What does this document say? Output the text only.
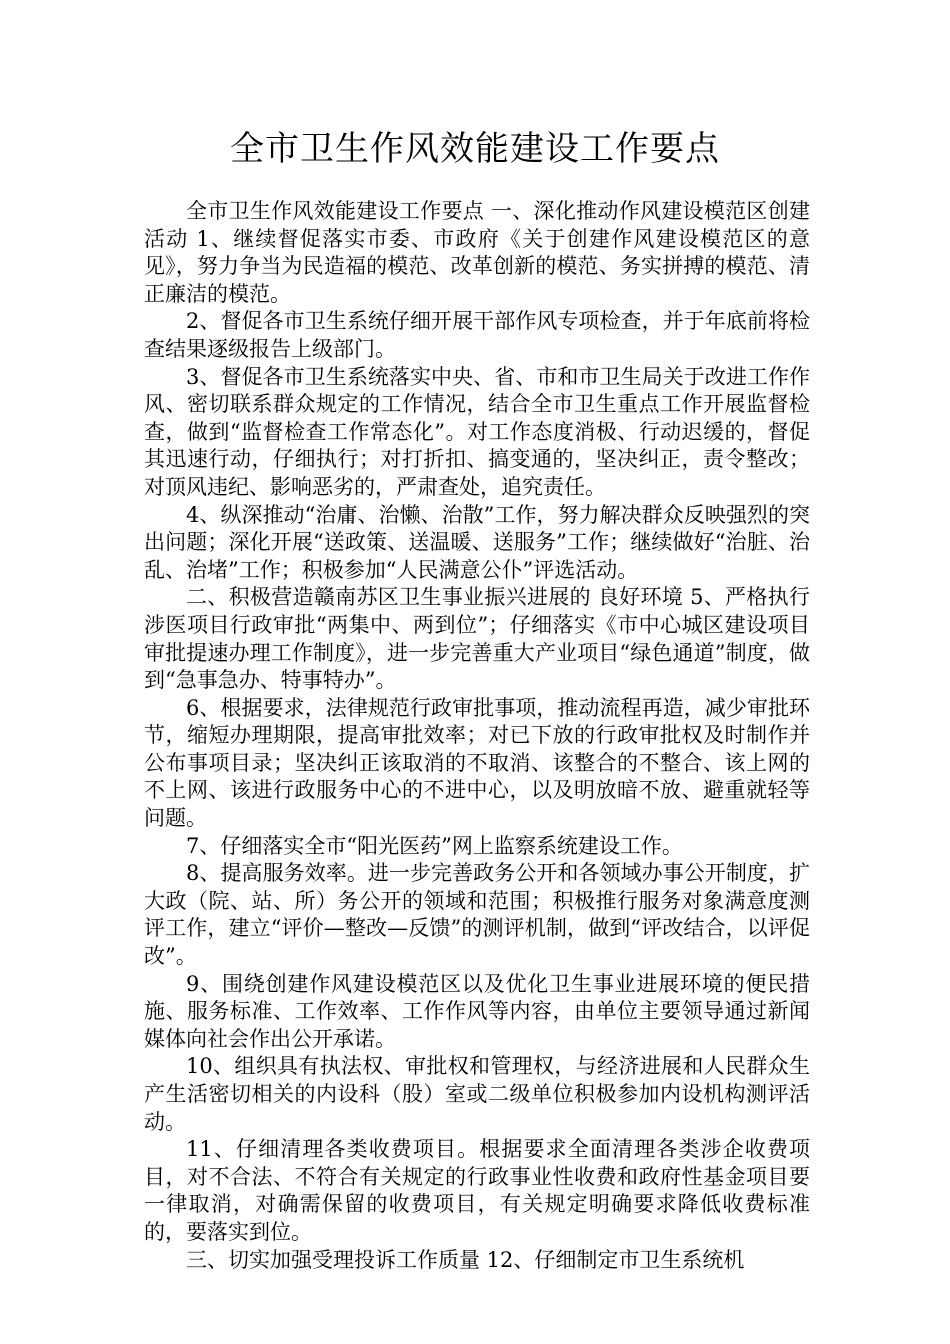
全市卫生作风效能建设工作要点

全市卫生作风效能建设工作要点 一、深化推动作风建设模范区创建活动 1、继续督促落实市委、市政府《关于创建作风建设模范区的意见》，努力争当为民造福的模范、改革创新的模范、务实拼搏的模范、清正廉洁的模范。

2、督促各市卫生系统仔细开展干部作风专项检查，并于年底前将检查结果逐级报告上级部门。

3、督促各市卫生系统落实中央、省、市和市卫生局关于改进工作作风、密切联系群众规定的工作情况，结合全市卫生重点工作开展监督检查，做到“监督检查工作常态化”。对工作态度消极、行动迟缓的，督促其迅速行动，仔细执行；对打折扣、搞变通的，坚决纠正，责令整改；对顶风违纪、影响恶劣的，严肃查处，追究责任。

4、纵深推动“治庸、治懒、治散”工作，努力解决群众反映强烈的突出问题；深化开展“送政策、送温暖、送服务”工作；继续做好“治脏、治乱、治堵”工作；积极参加“人民满意公仆”评选活动。

二、积极营造赣南苏区卫生事业振兴进展的 良好环境 5、严格执行涉医项目行政审批“两集中、两到位”；仔细落实《市中心城区建设项目审批提速办理工作制度》，进一步完善重大产业项目“绿色通道”制度，做到“急事急办、特事特办”。

6、根据要求，法律规范行政审批事项，推动流程再造，减少审批环节，缩短办理期限，提高审批效率；对已下放的行政审批权及时制作并公布事项目录；坚决纠正该取消的不取消、该整合的不整合、该上网的不上网、该进行政服务中心的不进中心，以及明放暗不放、避重就轻等问题。

7、仔细落实全市“阳光医药”网上监察系统建设工作。

8、提高服务效率。进一步完善政务公开和各领域办事公开制度，扩大政（院、站、所）务公开的领域和范围；积极推行服务对象满意度测评工作，建立“评价—整改—反馈”的测评机制，做到“评改结合，以评促改”。

9、围绕创建作风建设模范区以及优化卫生事业进展环境的便民措施、服务标准、工作效率、工作作风等内容，由单位主要领导通过新闻媒体向社会作出公开承诺。

10、组织具有执法权、审批权和管理权，与经济进展和人民群众生产生活密切相关的内设科（股）室或二级单位积极参加内设机构测评活动。

11、仔细清理各类收费项目。根据要求全面清理各类涉企收费项目，对不合法、不符合有关规定的行政事业性收费和政府性基金项目要一律取消，对确需保留的收费项目，有关规定明确要求降低收费标准的，要落实到位。

三、切实加强受理投诉工作质量 12、仔细制定市卫生系统机
